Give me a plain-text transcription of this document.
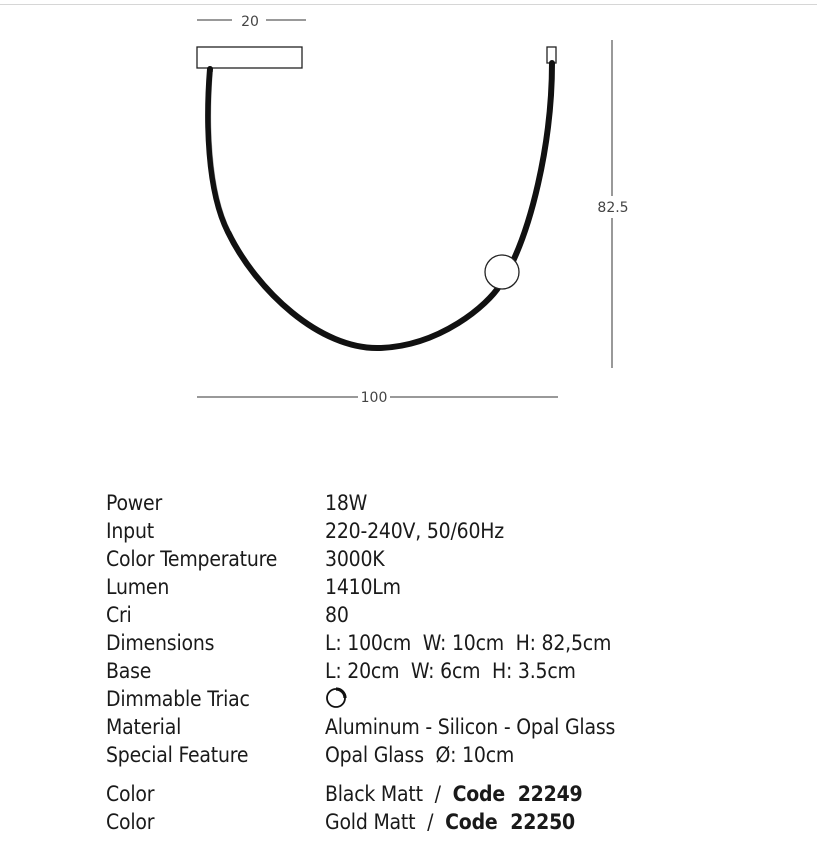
20
82.5
100
Power	18W
Input	220-240V, 50/60Hz
Color Temperature	3000K
Lumen	1410Lm
Cri	80
Dimensions	L: 100cm  W: 10cm  H: 82,5cm
Base	L: 20cm  W: 6cm  H: 3.5cm
Dimmable Triac
Material	Aluminum - Silicon - Opal Glass
Special Feature	Opal Glass  Ø: 10cm
Color	Black Matt / Code  22249
Color	Gold Matt / Code  22250
